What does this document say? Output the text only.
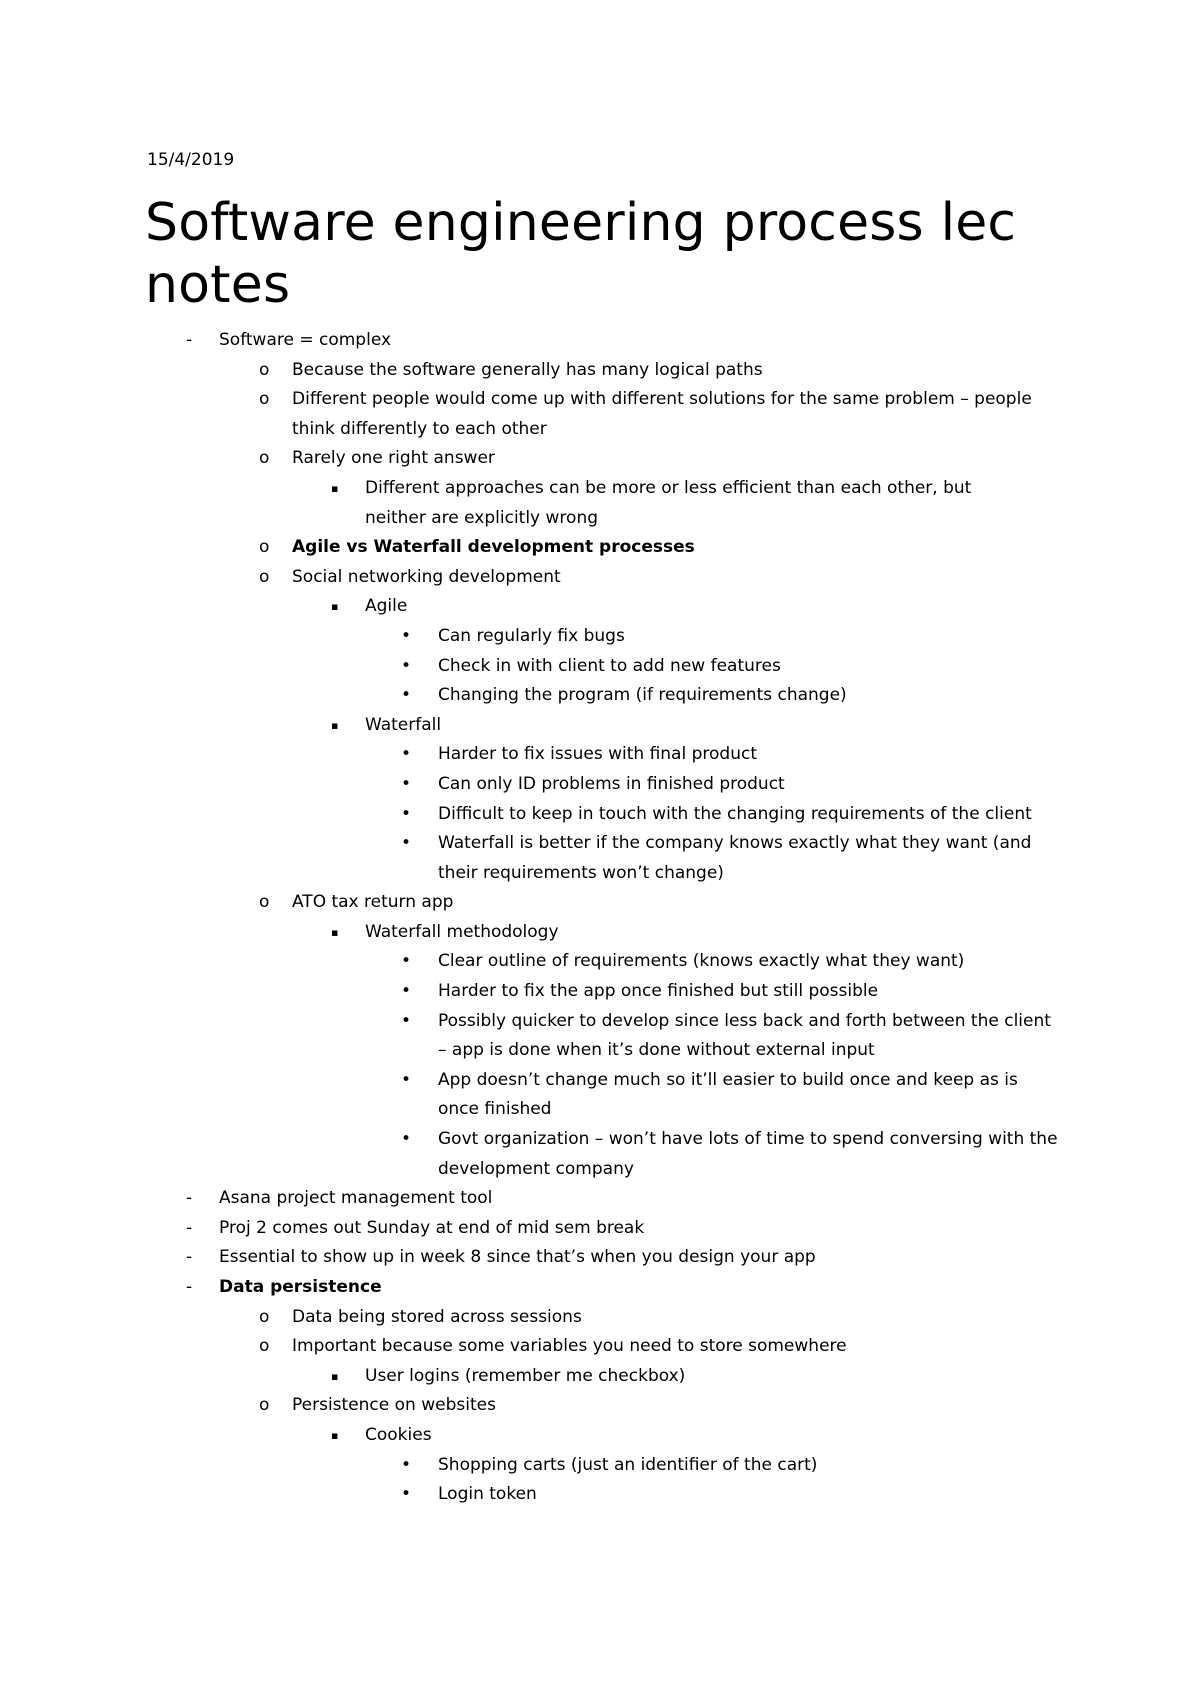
15/4/2019
Software engineering process lec
notes
- Software = complex
o Because the software generally has many logical paths
o Different people would come up with different solutions for the same problem – people think differently to each other
o Rarely one right answer
▪ Different approaches can be more or less efficient than each other, but neither are explicitly wrong
o Agile vs Waterfall development processes
o Social networking development
▪ Agile
• Can regularly fix bugs
• Check in with client to add new features
• Changing the program (if requirements change)
▪ Waterfall
• Harder to fix issues with final product
• Can only ID problems in finished product
• Difficult to keep in touch with the changing requirements of the client
• Waterfall is better if the company knows exactly what they want (and their requirements won’t change)
o ATO tax return app
▪ Waterfall methodology
• Clear outline of requirements (knows exactly what they want)
• Harder to fix the app once finished but still possible
• Possibly quicker to develop since less back and forth between the client – app is done when it’s done without external input
• App doesn’t change much so it’ll easier to build once and keep as is once finished
• Govt organization – won’t have lots of time to spend conversing with the development company
- Asana project management tool
- Proj 2 comes out Sunday at end of mid sem break
- Essential to show up in week 8 since that’s when you design your app
- Data persistence
o Data being stored across sessions
o Important because some variables you need to store somewhere
▪ User logins (remember me checkbox)
o Persistence on websites
▪ Cookies
• Shopping carts (just an identifier of the cart)
• Login token
